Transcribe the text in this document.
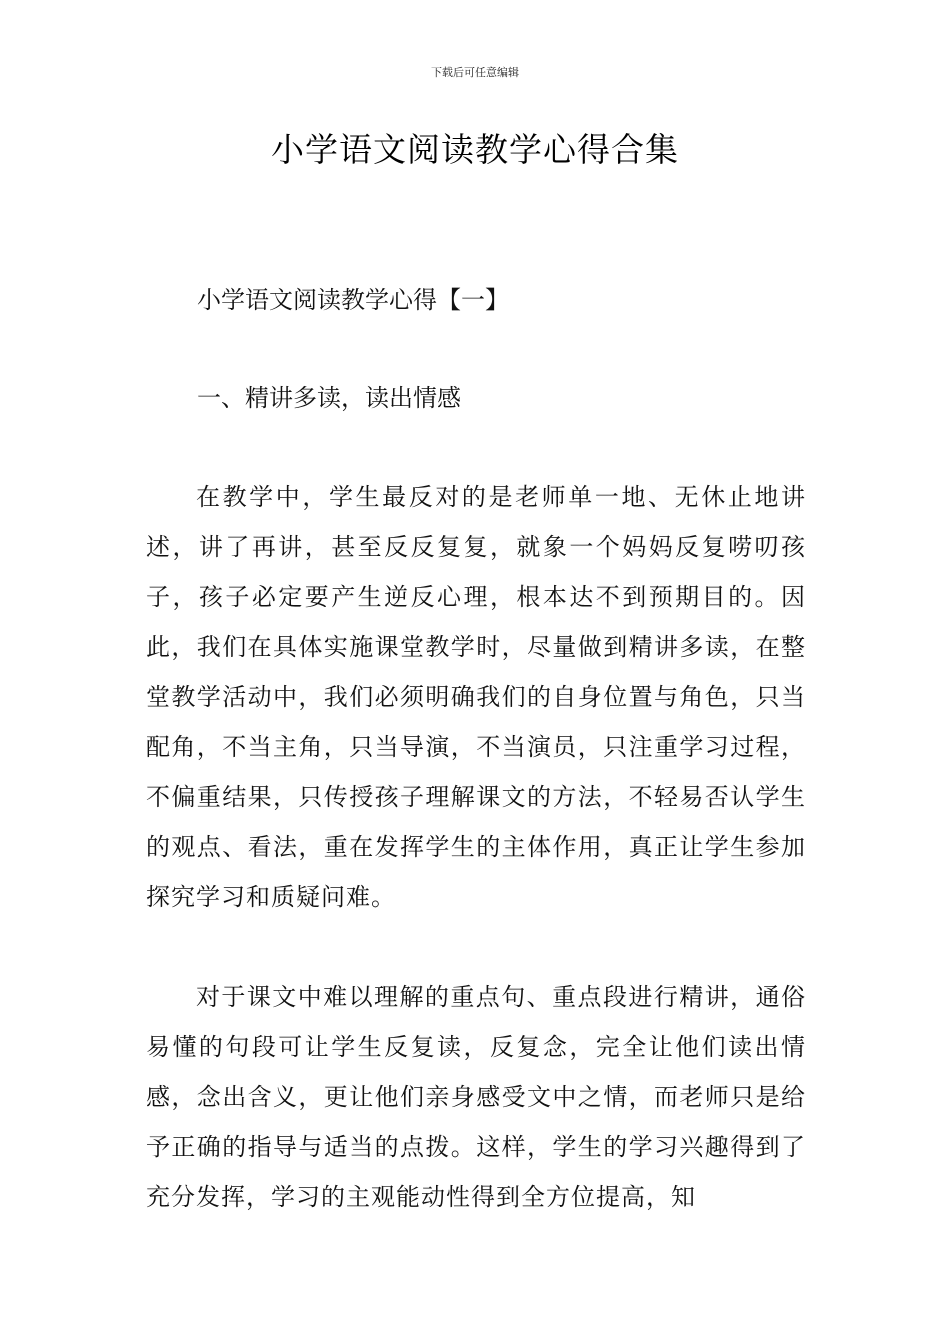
下载后可任意编辑
小学语文阅读教学心得合集
小学语文阅读教学心得【一】
一、精讲多读，读出情感

在教学中，学生最反对的是老师单一地、无休止地讲述，讲了再讲，甚至反反复复，就象一个妈妈反复唠叨孩子，孩子必定要产生逆反心理，根本达不到预期目的。因此，我们在具体实施课堂教学时，尽量做到精讲多读，在整堂教学活动中，我们必须明确我们的自身位置与角色，只当配角，不当主角，只当导演，不当演员，只注重学习过程，不偏重结果，只传授孩子理解课文的方法，不轻易否认学生的观点、看法，重在发挥学生的主体作用，真正让学生参加探究学习和质疑问难。

对于课文中难以理解的重点句、重点段进行精讲，通俗易懂的句段可让学生反复读，反复念，完全让他们读出情感，念出含义，更让他们亲身感受文中之情，而老师只是给予正确的指导与适当的点拨。这样，学生的学习兴趣得到了充分发挥，学习的主观能动性得到全方位提高，知
